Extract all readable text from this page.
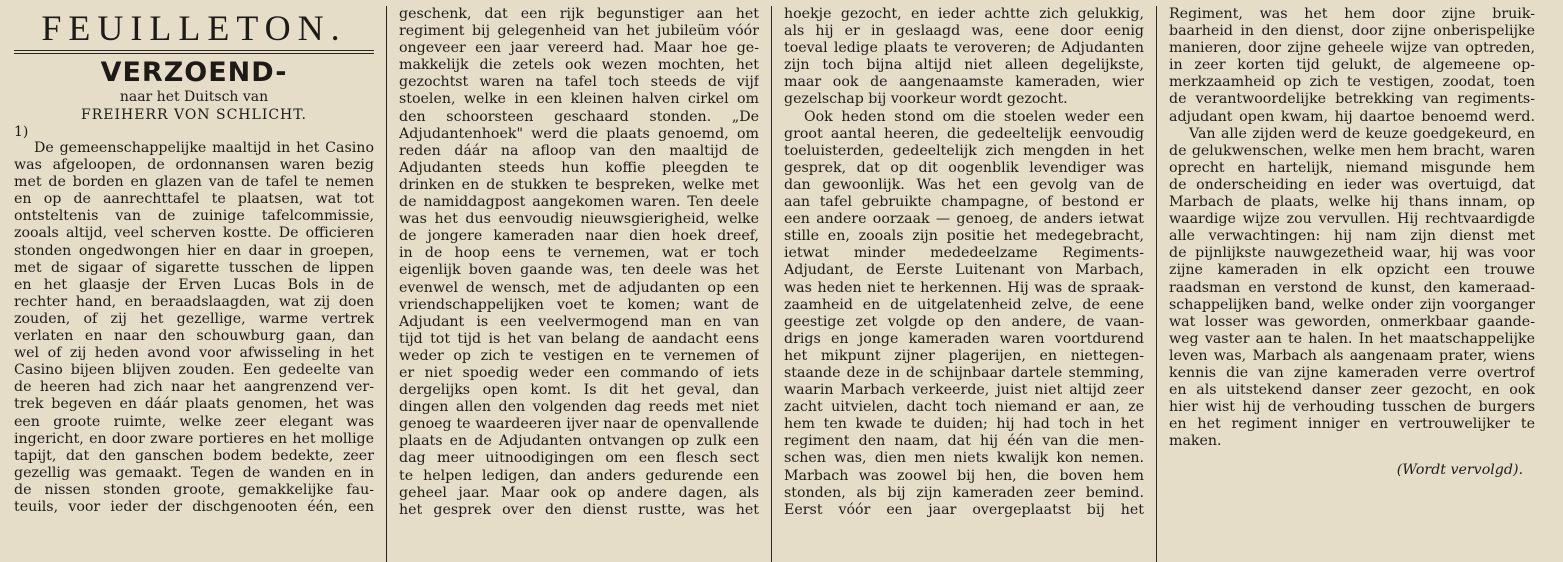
FEUILLETON.
VERZOEND-
naar het Duitsch van
FREIHERR VON SCHLICHT.
1)
De gemeenschappelijke maaltijd in het Casino
was afgeloopen, de ordonnansen waren bezig
met de borden en glazen van de tafel te nemen
en op de aanrechttafel te plaatsen, wat tot
ontsteltenis van de zuinige tafelcommissie,
zooals altijd, veel scherven kostte. De officieren
stonden ongedwongen hier en daar in groepen,
met de sigaar of sigarette tusschen de lippen
en het glaasje der Erven Lucas Bols in de
rechter hand, en beraadslaagden, wat zij doen
zouden, of zij het gezellige, warme vertrek
verlaten en naar den schouwburg gaan, dan
wel of zij heden avond voor afwisseling in het
Casino bijeen blijven zouden. Een gedeelte van
de heeren had zich naar het aangrenzend ver-
trek begeven en dáár plaats genomen, het was
een groote ruimte, welke zeer elegant was
ingericht, en door zware portieres en het mollige
tapijt, dat den ganschen bodem bedekte, zeer
gezellig was gemaakt. Tegen de wanden en in
de nissen stonden groote, gemakkelijke fau-
teuils, voor ieder der dischgenooten één, een
geschenk, dat een rijk begunstiger aan het
regiment bij gelegenheid van het jubileüm vóór
ongeveer een jaar vereerd had. Maar hoe ge-
makkelijk die zetels ook wezen mochten, het
gezochtst waren na tafel toch steeds de vijf
stoelen, welke in een kleinen halven cirkel om
den schoorsteen geschaard stonden. „De
Adjudantenhoek" werd die plaats genoemd, om
reden dáár na afloop van den maaltijd de
Adjudanten steeds hun koffie pleegden te
drinken en de stukken te bespreken, welke met
de namiddagpost aangekomen waren. Ten deele
was het dus eenvoudig nieuwsgierigheid, welke
de jongere kameraden naar dien hoek dreef,
in de hoop eens te vernemen, wat er toch
eigenlijk boven gaande was, ten deele was het
evenwel de wensch, met de adjudanten op een
vriendschappelijken voet te komen; want de
Adjudant is een veelvermogend man en van
tijd tot tijd is het van belang de aandacht eens
weder op zich te vestigen en te vernemen of
er niet spoedig weder een commando of iets
dergelijks open komt. Is dit het geval, dan
dingen allen den volgenden dag reeds met niet
genoeg te waardeeren ijver naar de openvallende
plaats en de Adjudanten ontvangen op zulk een
dag meer uitnoodigingen om een flesch sect
te helpen ledigen, dan anders gedurende een
geheel jaar. Maar ook op andere dagen, als
het gesprek over den dienst rustte, was het
hoekje gezocht, en ieder achtte zich gelukkig,
als hij er in geslaagd was, eene door eenig
toeval ledige plaats te veroveren; de Adjudanten
zijn toch bijna altijd niet alleen degelijkste,
maar ook de aangenaamste kameraden, wier
gezelschap bij voorkeur wordt gezocht.
Ook heden stond om die stoelen weder een
groot aantal heeren, die gedeeltelijk eenvoudig
toeluisterden, gedeeltelijk zich mengden in het
gesprek, dat op dit oogenblik levendiger was
dan gewoonlijk. Was het een gevolg van de
aan tafel gebruikte champagne, of bestond er
een andere oorzaak — genoeg, de anders ietwat
stille en, zooals zijn positie het medegebracht,
ietwat minder mededeelzame Regiments-
Adjudant, de Eerste Luitenant von Marbach,
was heden niet te herkennen. Hij was de spraak-
zaamheid en de uitgelatenheid zelve, de eene
geestige zet volgde op den andere, de vaan-
drigs en jonge kameraden waren voortdurend
het mikpunt zijner plagerijen, en niettegen-
staande deze in de schijnbaar dartele stemming,
waarin Marbach verkeerde, juist niet altijd zeer
zacht uitvielen, dacht toch niemand er aan, ze
hem ten kwade te duiden; hij had toch in het
regiment den naam, dat hij één van die men-
schen was, dien men niets kwalijk kon nemen.
Marbach was zoowel bij hen, die boven hem
stonden, als bij zijn kameraden zeer bemind.
Eerst vóór een jaar overgeplaatst bij het
Regiment, was het hem door zijne bruik-
baarheid in den dienst, door zijne onberispelijke
manieren, door zijne geheele wijze van optreden,
in zeer korten tijd gelukt, de algemeene op-
merkzaamheid op zich te vestigen, zoodat, toen
de verantwoordelijke betrekking van regiments-
adjudant open kwam, hij daartoe benoemd werd.
Van alle zijden werd de keuze goedgekeurd, en
de gelukwenschen, welke men hem bracht, waren
oprecht en hartelijk, niemand misgunde hem
de onderscheiding en ieder was overtuigd, dat
Marbach de plaats, welke hij thans innam, op
waardige wijze zou vervullen. Hij rechtvaardigde
alle verwachtingen: hij nam zijn dienst met
de pijnlijkste nauwgezetheid waar, hij was voor
zijne kameraden in elk opzicht een trouwe
raadsman en verstond de kunst, den kameraad-
schappelijken band, welke onder zijn voorganger
wat losser was geworden, onmerkbaar gaande-
weg vaster aan te halen. In het maatschappelijke
leven was, Marbach als aangenaam prater, wiens
kennis die van zijne kameraden verre overtrof
en als uitstekend danser zeer gezocht, en ook
hier wist hij de verhouding tusschen de burgers
en het regiment inniger en vertrouwelijker te
maken.
(Wordt vervolgd).
